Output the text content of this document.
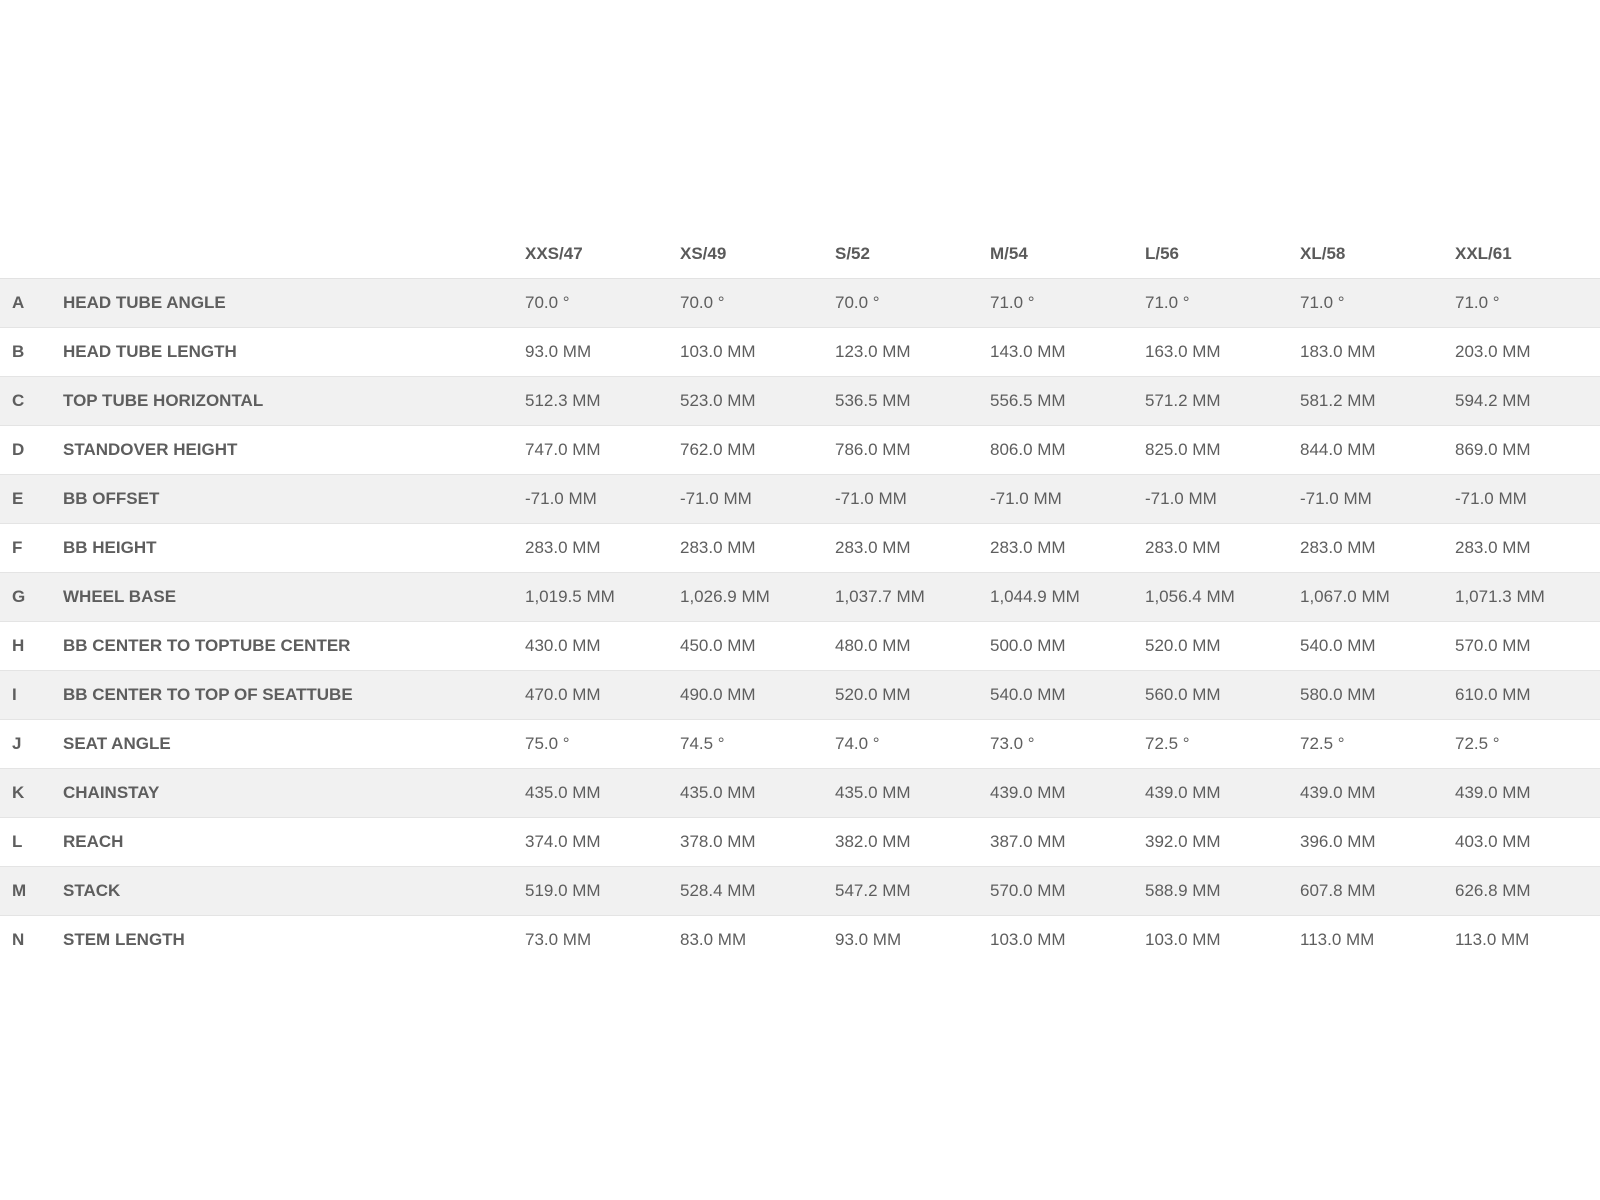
		XXS/47	XS/49	S/52	M/54	L/56	XL/58	XXL/61
A	HEAD TUBE ANGLE	70.0 °	70.0 °	70.0 °	71.0 °	71.0 °	71.0 °	71.0 °
B	HEAD TUBE LENGTH	93.0 MM	103.0 MM	123.0 MM	143.0 MM	163.0 MM	183.0 MM	203.0 MM
C	TOP TUBE HORIZONTAL	512.3 MM	523.0 MM	536.5 MM	556.5 MM	571.2 MM	581.2 MM	594.2 MM
D	STANDOVER HEIGHT	747.0 MM	762.0 MM	786.0 MM	806.0 MM	825.0 MM	844.0 MM	869.0 MM
E	BB OFFSET	-71.0 MM	-71.0 MM	-71.0 MM	-71.0 MM	-71.0 MM	-71.0 MM	-71.0 MM
F	BB HEIGHT	283.0 MM	283.0 MM	283.0 MM	283.0 MM	283.0 MM	283.0 MM	283.0 MM
G	WHEEL BASE	1,019.5 MM	1,026.9 MM	1,037.7 MM	1,044.9 MM	1,056.4 MM	1,067.0 MM	1,071.3 MM
H	BB CENTER TO TOPTUBE CENTER	430.0 MM	450.0 MM	480.0 MM	500.0 MM	520.0 MM	540.0 MM	570.0 MM
I	BB CENTER TO TOP OF SEATTUBE	470.0 MM	490.0 MM	520.0 MM	540.0 MM	560.0 MM	580.0 MM	610.0 MM
J	SEAT ANGLE	75.0 °	74.5 °	74.0 °	73.0 °	72.5 °	72.5 °	72.5 °
K	CHAINSTAY	435.0 MM	435.0 MM	435.0 MM	439.0 MM	439.0 MM	439.0 MM	439.0 MM
L	REACH	374.0 MM	378.0 MM	382.0 MM	387.0 MM	392.0 MM	396.0 MM	403.0 MM
M	STACK	519.0 MM	528.4 MM	547.2 MM	570.0 MM	588.9 MM	607.8 MM	626.8 MM
N	STEM LENGTH	73.0 MM	83.0 MM	93.0 MM	103.0 MM	103.0 MM	113.0 MM	113.0 MM
